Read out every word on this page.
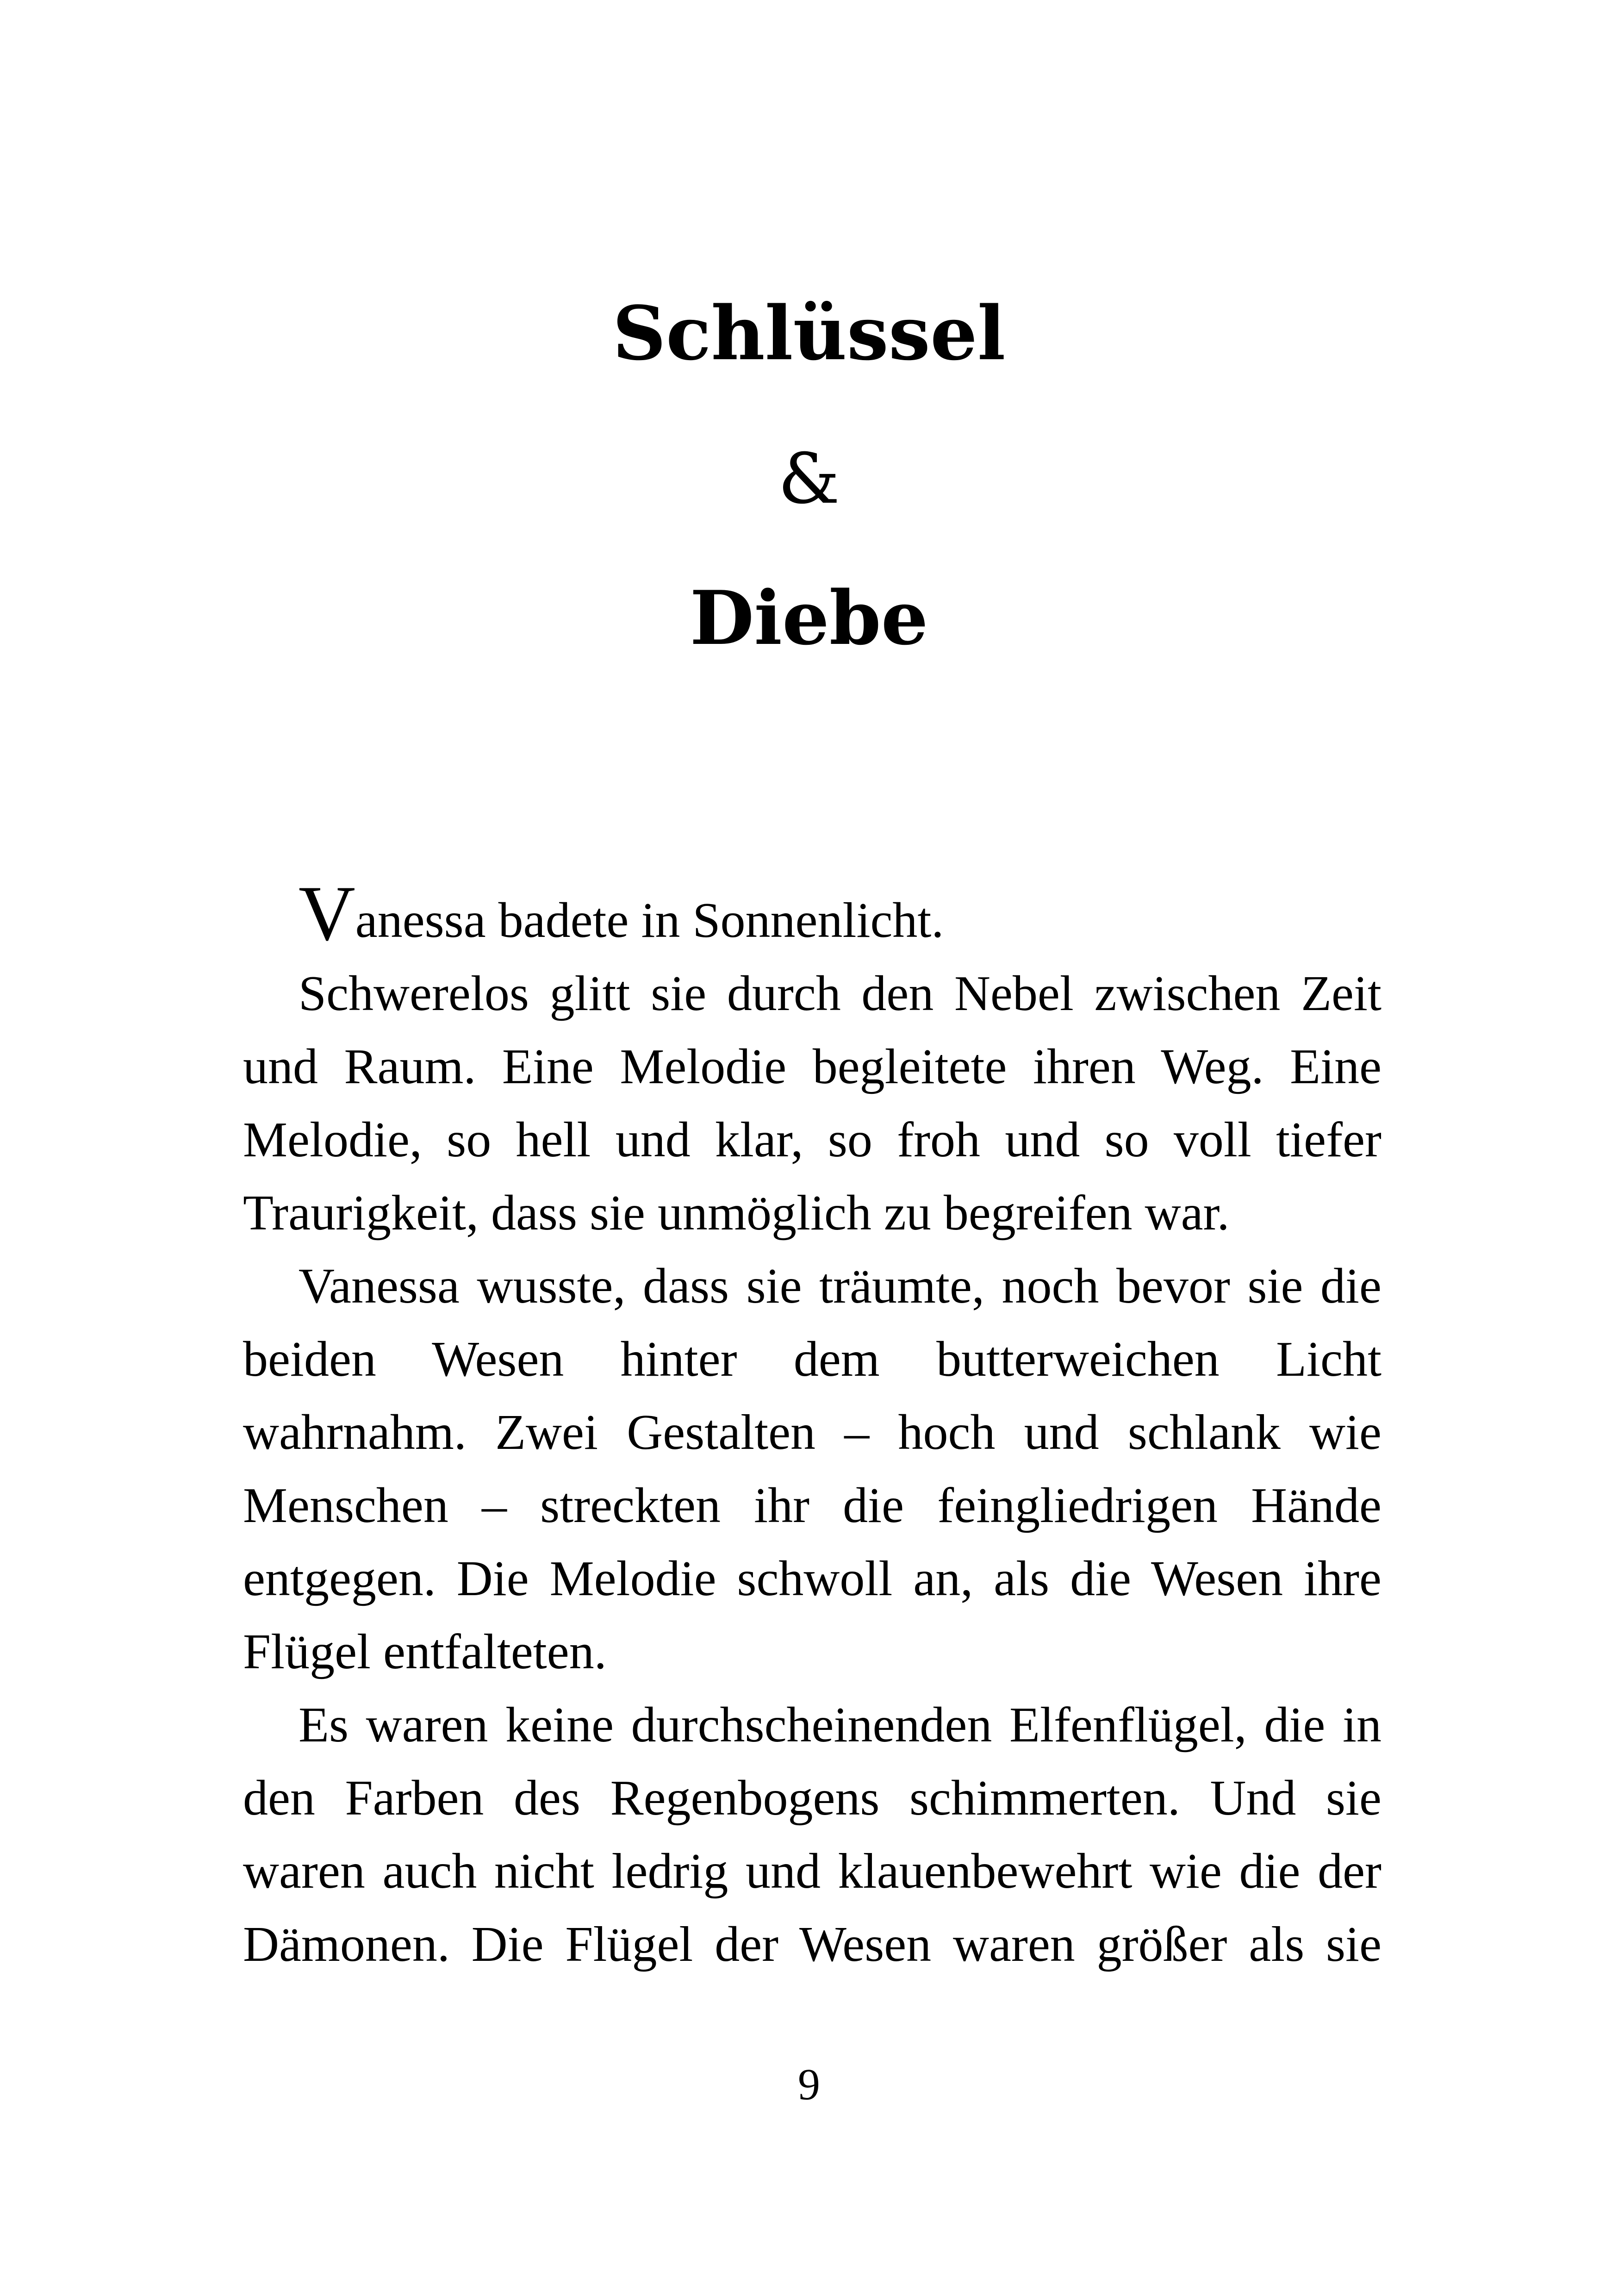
Schlüssel
&
Diebe

Vanessa badete in Sonnenlicht.

Schwerelos glitt sie durch den Nebel zwischen Zeit und Raum. Eine Melodie begleitete ihren Weg. Eine Melodie, so hell und klar, so froh und so voll tiefer Traurigkeit, dass sie unmöglich zu begreifen war.

Vanessa wusste, dass sie träumte, noch bevor sie die beiden Wesen hinter dem butterweichen Licht wahrnahm. Zwei Gestalten – hoch und schlank wie Menschen – streckten ihr die feingliedrigen Hände entgegen. Die Melodie schwoll an, als die Wesen ihre Flügel entfalteten.

Es waren keine durchscheinenden Elfenflügel, die in den Farben des Regenbogens schimmerten. Und sie waren auch nicht ledrig und klauenbewehrt wie die der Dämonen. Die Flügel der Wesen waren größer als sie

9
